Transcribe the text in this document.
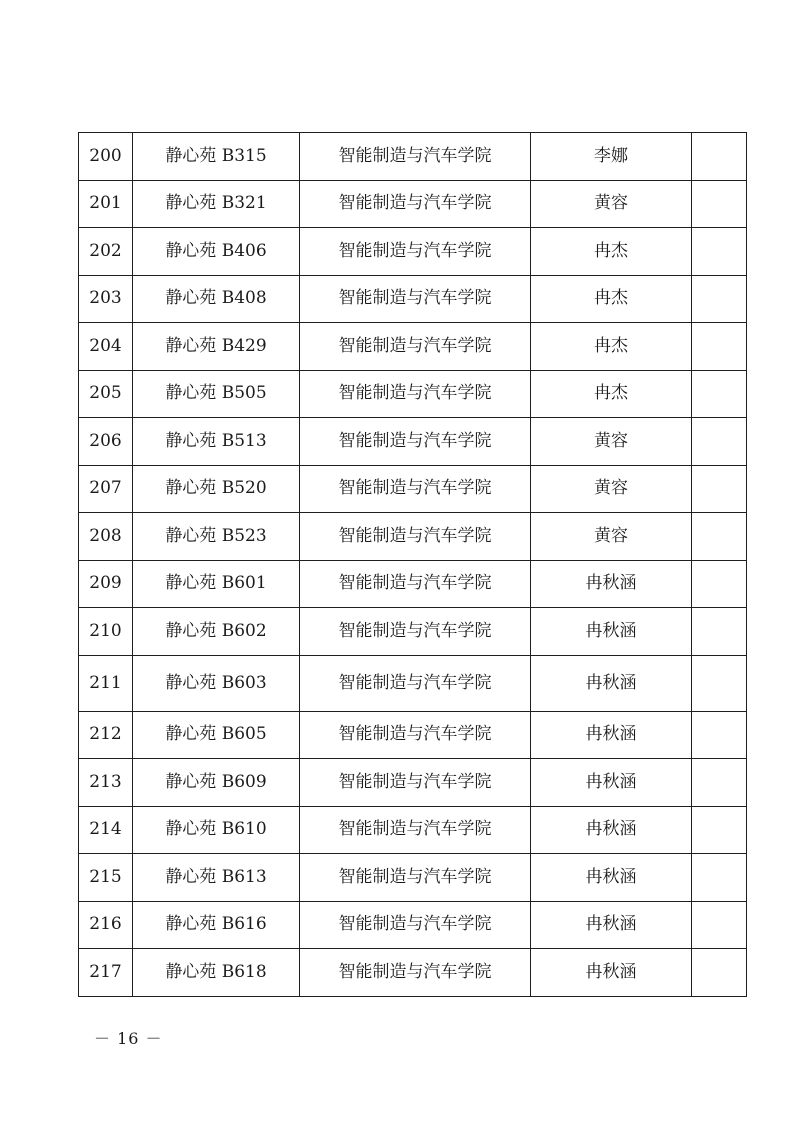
200	静心苑 B315	智能制造与汽车学院	李娜	
201	静心苑 B321	智能制造与汽车学院	黄容	
202	静心苑 B406	智能制造与汽车学院	冉杰	
203	静心苑 B408	智能制造与汽车学院	冉杰	
204	静心苑 B429	智能制造与汽车学院	冉杰	
205	静心苑 B505	智能制造与汽车学院	冉杰	
206	静心苑 B513	智能制造与汽车学院	黄容	
207	静心苑 B520	智能制造与汽车学院	黄容	
208	静心苑 B523	智能制造与汽车学院	黄容	
209	静心苑 B601	智能制造与汽车学院	冉秋涵	
210	静心苑 B602	智能制造与汽车学院	冉秋涵	
211	静心苑 B603	智能制造与汽车学院	冉秋涵	
212	静心苑 B605	智能制造与汽车学院	冉秋涵	
213	静心苑 B609	智能制造与汽车学院	冉秋涵	
214	静心苑 B610	智能制造与汽车学院	冉秋涵	
215	静心苑 B613	智能制造与汽车学院	冉秋涵	
216	静心苑 B616	智能制造与汽车学院	冉秋涵	
217	静心苑 B618	智能制造与汽车学院	冉秋涵	
－ 16 －
